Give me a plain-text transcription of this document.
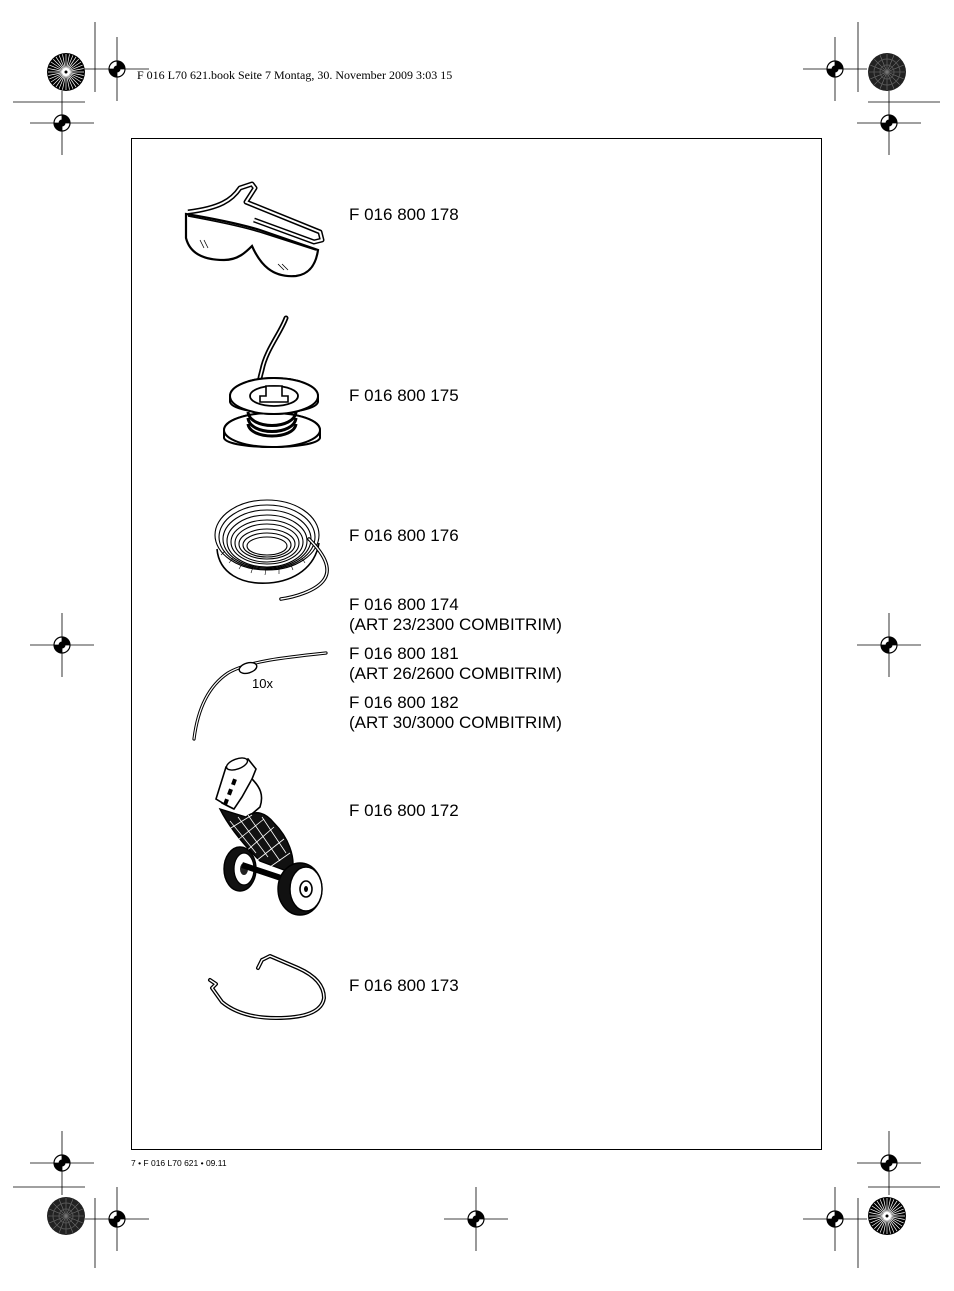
F 016 L70 621.book Seite 7 Montag, 30. November 2009 3:03 15
F 016 800 178
F 016 800 175
F 016 800 176
10x
F 016 800 174
(ART 23/2300 COMBITRIM)
F 016 800 181
(ART 26/2600 COMBITRIM)
F 016 800 182
(ART 30/3000 COMBITRIM)
F 016 800 172
F 016 800 173
7 • F 016 L70 621 • 09.11
